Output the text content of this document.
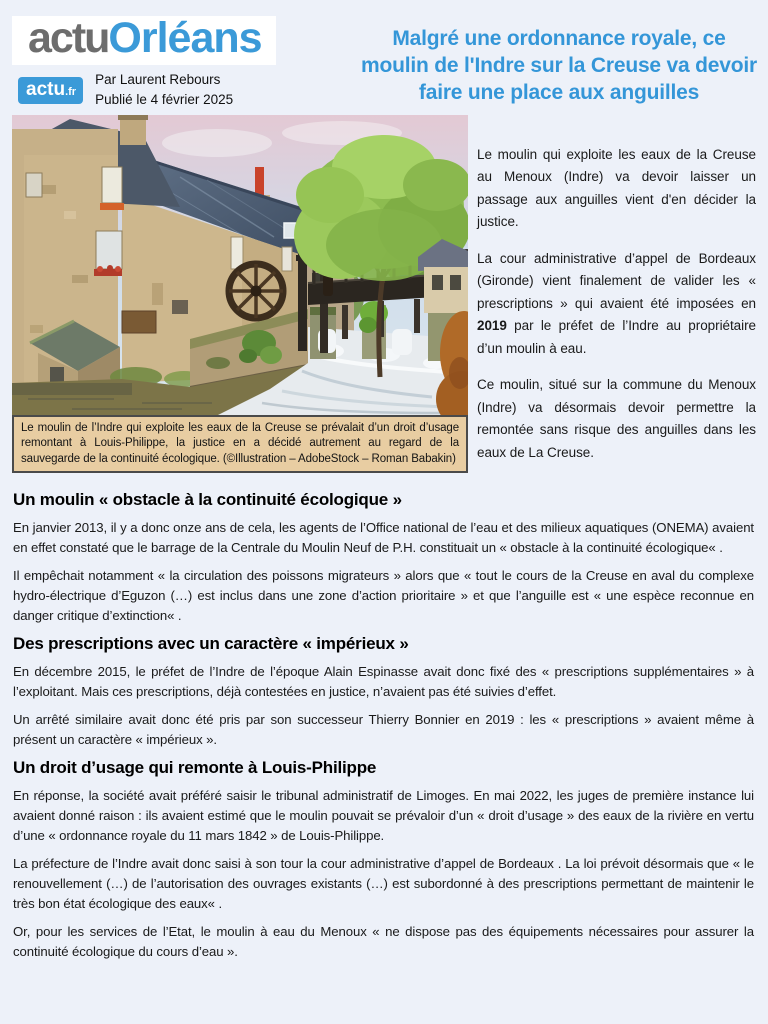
actuOrléans
actu.fr
Par Laurent Rebours
Publié le 4 février 2025
Malgré une ordonnance royale, ce moulin de l'Indre sur la Creuse va devoir faire une place aux anguilles
Le moulin de l’Indre qui exploite les eaux de la Creuse se prévalait d’un droit d’usage remontant à Louis-Philippe, la justice en a décidé autrement au regard de la sauvegarde de la continuité écologique. (©Illustration – AdobeStock – Roman Babakin)

Le moulin qui exploite les eaux de la Creuse au Menoux (Indre) va devoir laisser un passage aux anguilles vient d'en décider la justice.

La cour administrative d’appel de Bordeaux (Gironde) vient finalement de valider les « prescriptions » qui avaient été imposées en 2019 par le préfet de l’Indre au propriétaire d’un moulin à eau.

Ce moulin, situé sur la commune du Menoux (Indre) va désormais devoir permettre la remontée sans risque des anguilles dans les eaux de La Creuse.

Un moulin « obstacle à la continuité écologique »

En janvier 2013, il y a donc onze ans de cela, les agents de l’Office national de l’eau et des milieux aquatiques (ONEMA) avaient en effet constaté que le barrage de la Centrale du Moulin Neuf de P.H. constituait un « obstacle à la continuité écologique« .

Il empêchait notamment « la circulation des poissons migrateurs » alors que « tout le cours de la Creuse en aval du complexe hydro-électrique d’Eguzon (…) est inclus dans une zone d’action prioritaire » et que l’anguille est « une espèce reconnue en danger critique d’extinction« .

Des prescriptions avec un caractère « impérieux »

En décembre 2015, le préfet de l’Indre de l’époque Alain Espinasse avait donc fixé des « prescriptions supplémentaires » à l’exploitant. Mais ces prescriptions, déjà contestées en justice, n’avaient pas été suivies d’effet.

Un arrêté similaire avait donc été pris par son successeur Thierry Bonnier en 2019 : les « prescriptions » avaient même à présent un caractère « impérieux ».

Un droit d’usage qui remonte à Louis-Philippe

En réponse, la société avait préféré saisir le tribunal administratif de Limoges. En mai 2022, les juges de première instance lui avaient donné raison : ils avaient estimé que le moulin pouvait se prévaloir d’un « droit d’usage » des eaux de la rivière en vertu d’une « ordonnance royale du 11 mars 1842 » de Louis-Philippe.

La préfecture de l’Indre avait donc saisi à son tour la cour administrative d’appel de Bordeaux . La loi prévoit désormais que « le renouvellement (…) de l’autorisation des ouvrages existants (…) est subordonné à des prescriptions permettant de maintenir le très bon état écologique des eaux« .

Or, pour les services de l’Etat, le moulin à eau du Menoux « ne dispose pas des équipements nécessaires pour assurer la continuité écologique du cours d’eau ».
